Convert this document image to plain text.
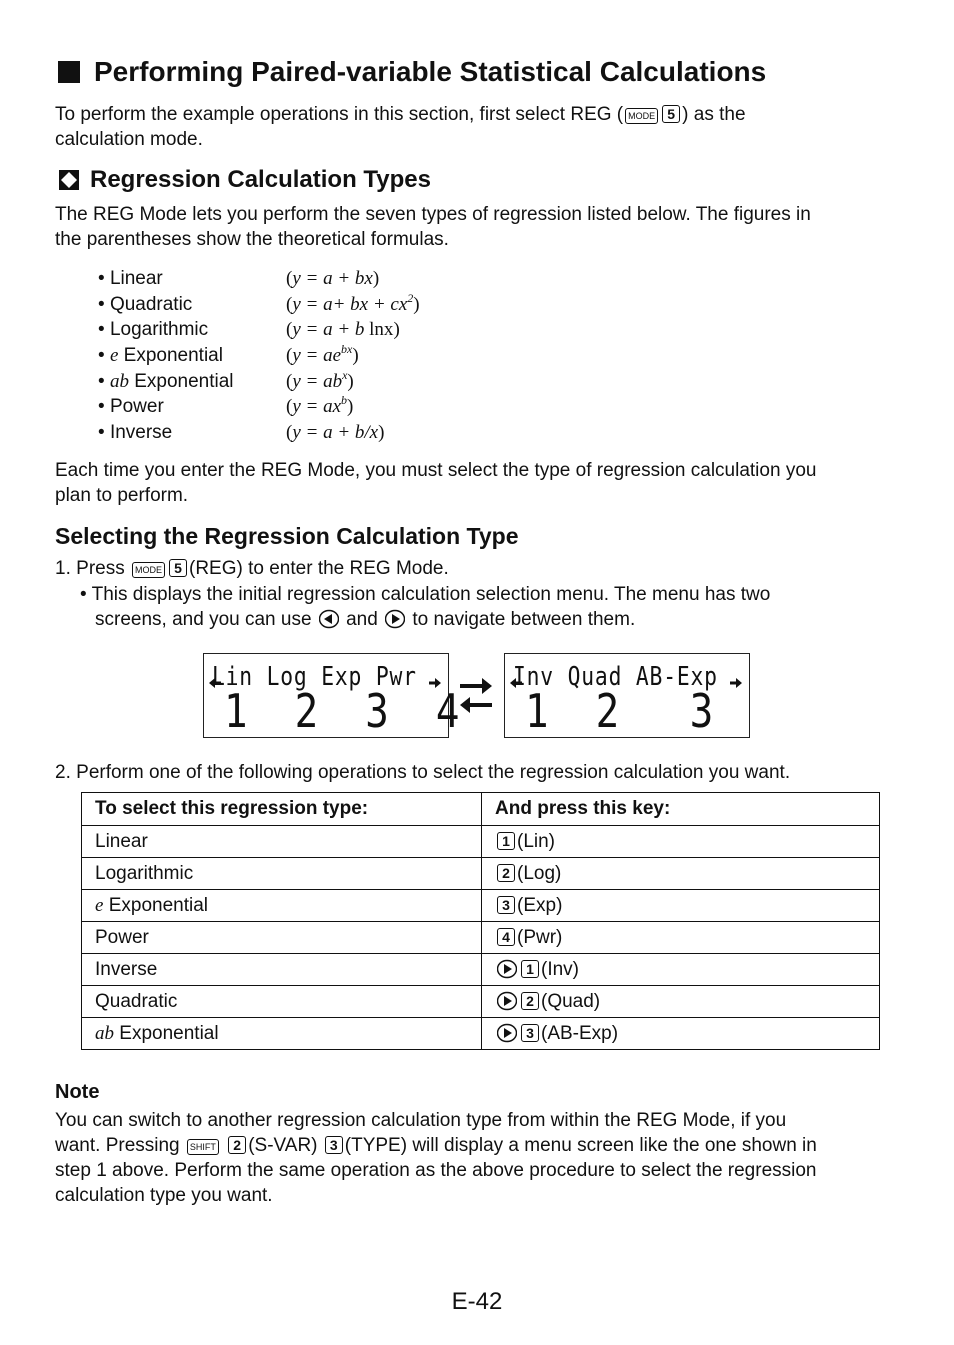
Performing Paired-variable Statistical Calculations
To perform the example operations in this section, first select REG ( MODE 5 ) as the
calculation mode.
Regression Calculation Types
The REG Mode lets you perform the seven types of regression listed below. The figures in
the parentheses show the theoretical formulas.
• Linear	(y = a + bx)
• Quadratic	(y = a+ bx + $cx^2$)
• Logarithmic	(y = a + b lnx)
• e Exponential	$(y = ae^{bx})$
• ab Exponential	$(y = ab^x)$
• Power	$(y = ax^b)$
• Inverse	(y = a + b/x)
Each time you enter the REG Mode, you must select the type of regression calculation you
plan to perform.
Selecting the Regression Calculation Type
1. Press MODE 5 (REG) to enter the REG Mode.
• This displays the initial regression calculation selection menu. The menu has two
screens, and you can use and to navigate between them.
Lin Log Exp Pwr
1  2  3  4
Inv Quad AB-Exp
1  2   3
2. Perform one of the following operations to select the regression calculation you want.
To select this regression type:	And press this key:
Linear	1 (Lin)
Logarithmic	2 (Log)
e Exponential	3 (Exp)
Power	4 (Pwr)
Inverse	1 (Inv)
Quadratic	2 (Quad)
ab Exponential	3 (AB-Exp)
Note
You can switch to another regression calculation type from within the REG Mode, if you
want. Pressing SHIFT 2 (S-VAR) 3 (TYPE) will display a menu screen like the one shown in
step 1 above. Perform the same operation as the above procedure to select the regression
calculation type you want.
E-42
